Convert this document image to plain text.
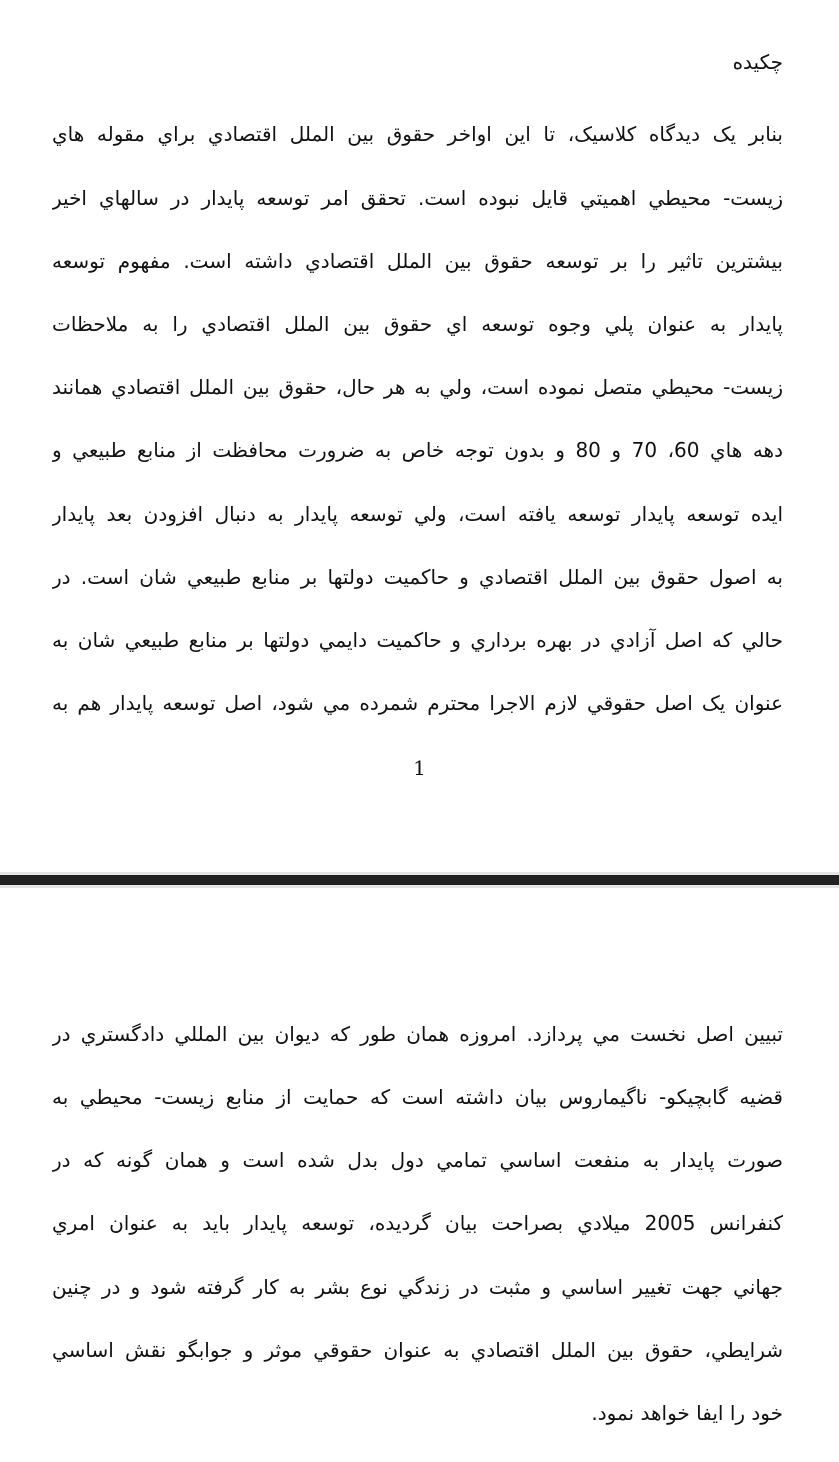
چکیده

بنابر یک دیدگاه کلاسیک، تا این اواخر حقوق بین الملل اقتصادي براي مقوله هاي

زیست- محیطي اهمیتي قایل نبوده است. تحقق امر توسعه پایدار در سالهاي اخیر

بیشترین تاثیر را بر توسعه حقوق بین الملل اقتصادي داشته است. مفهوم توسعه

پایدار به عنوان پلي وجوه توسعه اي حقوق بین الملل اقتصادي را به ملاحظات

زیست- محیطي متصل نموده است، ولي به هر حال، حقوق بین الملل اقتصادي همانند

دهه هاي 60، 70 و 80 و بدون توجه خاص به ضرورت محافظت از منابع طبیعي و

ایده توسعه پایدار توسعه یافته است، ولي توسعه پایدار به دنبال افزودن بعد پایدار

به اصول حقوق بین الملل اقتصادي و حاکمیت دولتها بر منابع طبیعي شان است. در

حالي که اصل آزادي در بهره برداري و حاکمیت دایمي دولتها بر منابع طبیعي شان به

عنوان یک اصل حقوقي لازم الاجرا محترم شمرده مي شود، اصل توسعه پایدار هم به

1

تبیین اصل نخست مي پردازد. امروزه همان طور که دیوان بین المللي دادگستري در

قضیه گابچیکو- ناگیماروس بیان داشته است که حمایت از منابع زیست- محیطي به

صورت پایدار به منفعت اساسي تمامي دول بدل شده است و همان گونه که در

کنفرانس 2005 میلادي بصراحت بیان گردیده، توسعه پایدار باید به عنوان امري

جهاني جهت تغییر اساسي و مثبت در زندگي نوع بشر به کار گرفته شود و در چنین

شرایطي، حقوق بین الملل اقتصادي به عنوان حقوقي موثر و جوابگو نقش اساسي

خود را ایفا خواهد نمود.
